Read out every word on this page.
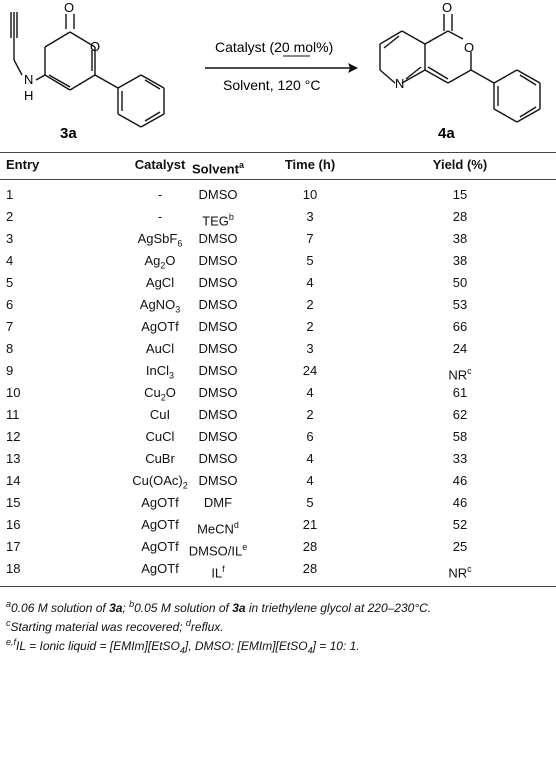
O
O
N
H
3a
Catalyst (20 mol%)
Solvent, 120 °C
O
O
N
4a
Entry	Catalyst Solvent$^a$	Time (h)	Yield (%)
1	-	DMSO	10	15
2	-	TEG$^b$	3	28
3	AgSbF$_6$	DMSO	7	38
4	$Ag_2O$	DMSO	5	38
5	AgCl	DMSO	4	50
6	AgNO$_3$	DMSO	2	53
7	AgOTf	DMSO	2	66
8	AuCl	DMSO	3	24
9	InCl$_3$	DMSO	24	$NR^c$
10	$Cu_2O$	DMSO	4	61
11	CuI	DMSO	2	62
12	CuCl	DMSO	6	58
13	CuBr	DMSO	4	33
14	$Cu(OAc)_2$ DMSO	4	46
15	AgOTf	DMF	5	46
16	AgOTf	MeCN$^d$	21	52
17	AgOTf DMSO/ILe	28	25
18	AgOTf	$IL^f$	28	$NR^c$
$^a$0.06 M solution of 3a; $^b$0.05 M solution of 3a in triethylene glycol at 220–230°C.
$^c$Starting material was recovered; $^d$reflux.
$^{e,f}$IL = Ionic liquid = [EMIm][EtSO$_4$], DMSO: [EMIm][EtSO$_4$] = 10: 1.
